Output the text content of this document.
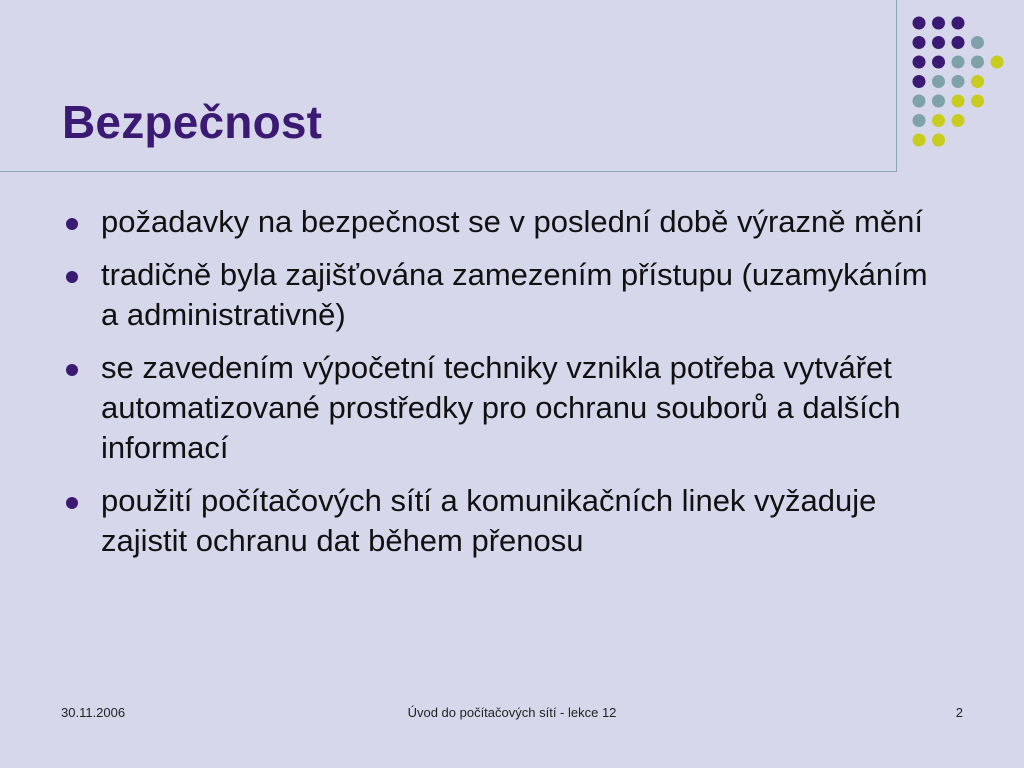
Bezpečnost
požadavky na bezpečnost se v poslední době výrazně mění
tradičně byla zajišťována zamezením přístupu (uzamykáním a administrativně)
se zavedením výpočetní techniky vznikla potřeba vytvářet automatizované prostředky pro ochranu souborů a dalších informací
použití počítačových sítí a komunikačních linek vyžaduje zajistit ochranu dat během přenosu
30.11.2006	Úvod do počítačových sítí - lekce 12	2
